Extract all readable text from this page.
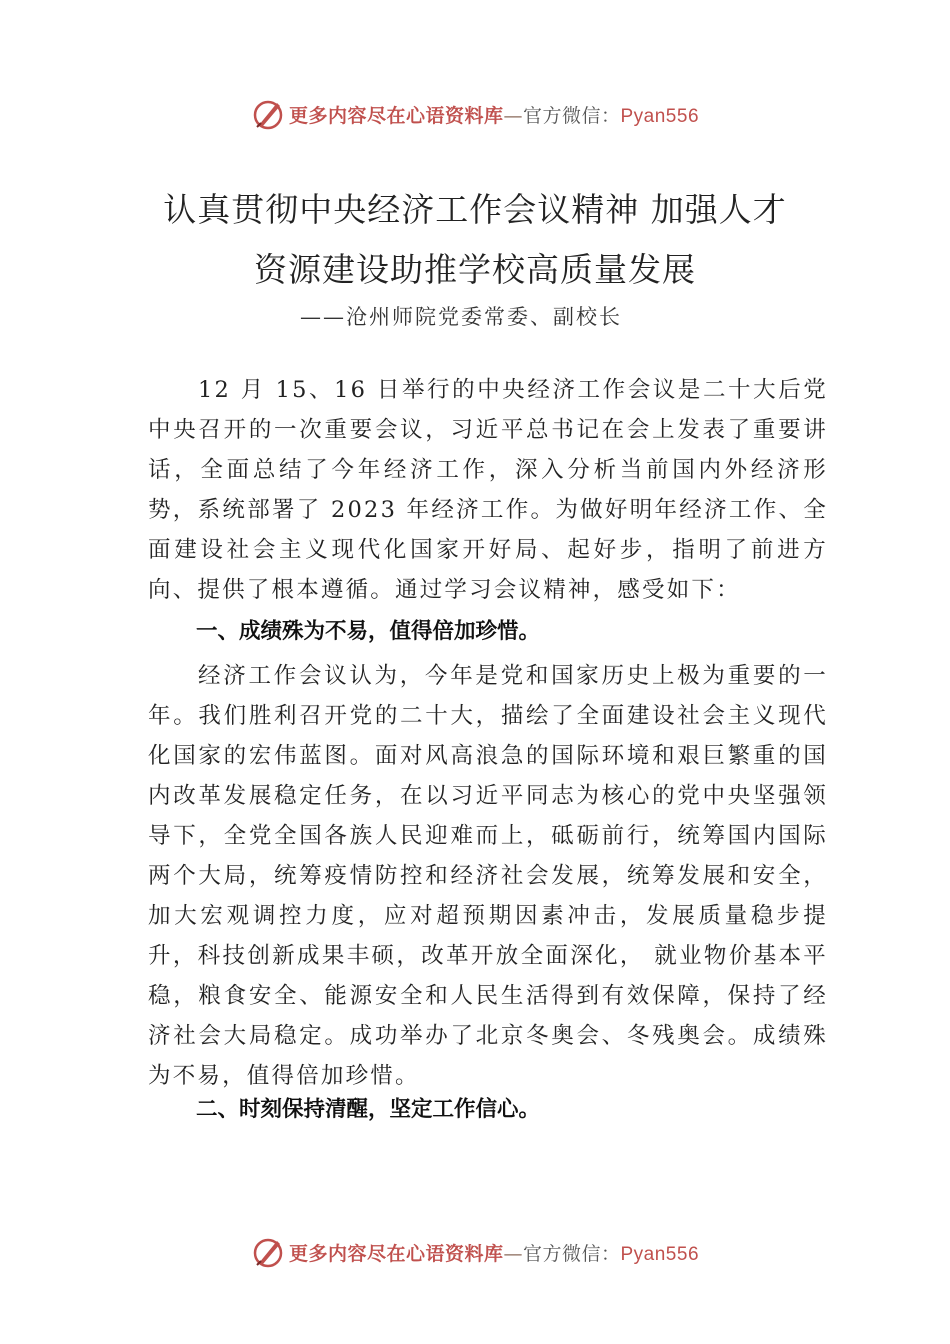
更多内容尽在心语资料库—官方微信：Pyan556
认真贯彻中央经济工作会议精神 加强人才
资源建设助推学校高质量发展
——沧州师院党委常委、副校长
12 月 15、16 日举行的中央经济工作会议是二十大后党中央召开的一次重要会议，习近平总书记在会上发表了重要讲话，全面总结了今年经济工作，深入分析当前国内外经济形势，系统部署了 2023 年经济工作。为做好明年经济工作、全面建设社会主义现代化国家开好局、起好步，指明了前进方向、提供了根本遵循。通过学习会议精神，感受如下：
一、成绩殊为不易，值得倍加珍惜。
经济工作会议认为，今年是党和国家历史上极为重要的一年。我们胜利召开党的二十大，描绘了全面建设社会主义现代化国家的宏伟蓝图。面对风高浪急的国际环境和艰巨繁重的国内改革发展稳定任务，在以习近平同志为核心的党中央坚强领导下，全党全国各族人民迎难而上，砥砺前行，统筹国内国际两个大局，统筹疫情防控和经济社会发展，统筹发展和安全，加大宏观调控力度，应对超预期因素冲击，发展质量稳步提升，科技创新成果丰硕，改革开放全面深化， 就业物价基本平稳，粮食安全、能源安全和人民生活得到有效保障，保持了经济社会大局稳定。成功举办了北京冬奥会、冬残奥会。成绩殊为不易，值得倍加珍惜。
二、时刻保持清醒，坚定工作信心。
更多内容尽在心语资料库—官方微信：Pyan556
